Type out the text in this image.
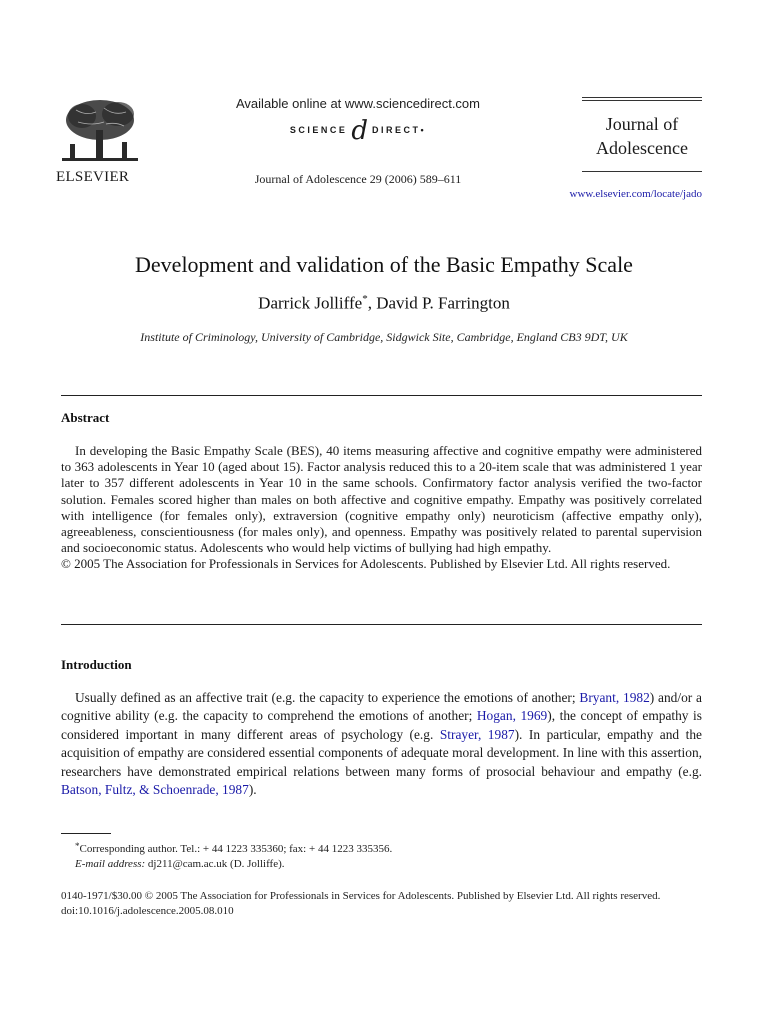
ELSEVIER
Available online at www.sciencedirect.com
SCIENCE d DIRECT•
Journal of Adolescence 29 (2006) 589–611
Journal of
Adolescence
www.elsevier.com/locate/jado
Development and validation of the Basic Empathy Scale
Darrick Jolliffe*, David P. Farrington
Institute of Criminology, University of Cambridge, Sidgwick Site, Cambridge, England CB3 9DT, UK
Abstract

In developing the Basic Empathy Scale (BES), 40 items measuring affective and cognitive empathy were administered to 363 adolescents in Year 10 (aged about 15). Factor analysis reduced this to a 20-item scale that was administered 1 year later to 357 different adolescents in Year 10 in the same schools. Confirmatory factor analysis verified the two-factor solution. Females scored higher than males on both affective and cognitive empathy. Empathy was positively correlated with intelligence (for females only), extraversion (cognitive empathy only) neuroticism (affective empathy only), agreeableness, conscientiousness (for males only), and openness. Empathy was positively related to parental supervision and socioeconomic status. Adolescents who would help victims of bullying had high empathy.

© 2005 The Association for Professionals in Services for Adolescents. Published by Elsevier Ltd. All rights reserved.

Introduction

Usually defined as an affective trait (e.g. the capacity to experience the emotions of another; Bryant, 1982) and/or a cognitive ability (e.g. the capacity to comprehend the emotions of another; Hogan, 1969), the concept of empathy is considered important in many different areas of psychology (e.g. Strayer, 1987). In particular, empathy and the acquisition of empathy are considered essential components of adequate moral development. In line with this assertion, researchers have demonstrated empirical relations between many forms of prosocial behaviour and empathy (e.g. Batson, Fultz, & Schoenrade, 1987).

*Corresponding author. Tel.: + 44 1223 335360; fax: + 44 1223 335356.
E-mail address: dj211@cam.ac.uk (D. Jolliffe).
0140-1971/$30.00 © 2005 The Association for Professionals in Services for Adolescents. Published by Elsevier Ltd. All rights reserved.
doi:10.1016/j.adolescence.2005.08.010
